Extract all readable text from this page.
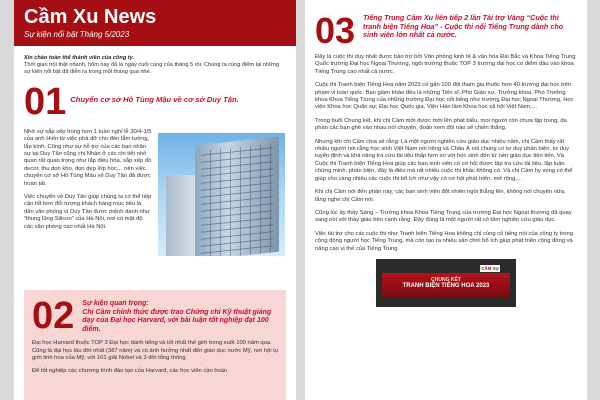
Cầm Xu News
Sự kiện nổi bật Tháng 5/2023
Xin chào toàn thể thành viên của công ty.
Thời gian trôi thật nhanh, hôm nay đã là ngày cuối cùng của tháng 5 rồi. Chúng ta cùng điểm lại những sự kiện nổi bật đã diễn ra trong một tháng qua nhé.
01 Chuyển cơ sở Hồ Tùng Mậu về cơ sở Duy Tân.

Nhờ sự sắp xếp trong hơn 1 tuần nghỉ lễ 30/4-1/5 của anh Hiến từ việc phá dỡ cho đến lắm tường, lắp kính. Cũng như sự hỗ trợ của các bạn nhân sự tại Duy Tân cũng chị Nhàn ở các chi tiết nhỏ quan rất quan trọng như lắp điều hòa, sắp xếp đồ decor, thu dọn kho, dọn dẹp lớp học… nên việc chuyển cơ sở Hồ Tùng Mậu về Duy Tân đã được hoàn tất.

Việc chuyển về Duy Tân giúp chúng ta có thể tiếp cận tốt hơn đối tượng khách hàng mục tiêu là dân văn phòng vì Duy Tân được mệnh danh như “thung lũng Silicon” của Hà Nội, nơi có mật độ các văn phòng cao nhất Hà Nội.

02 Sự kiện quan trọng:
Chị Cầm chính thức được trao Chứng chỉ Kỹ thuật giảng dạy của Đại học Harvard, với bài luận tốt nghiệp đạt 100 điểm.

Đại học Harvard thuộc TOP 3 Đại học danh tiếng và tốt nhất thế giới trong suốt 100 năm qua. Cũng là đại học lâu đời nhất (387 năm) và có ảnh hưởng nhất đến giáo dục nước Mỹ, nơi hội tụ giới tinh hoa của Mỹ, với 161 giải Nobel và 3 đời tổng thống.

Để tốt nghiệp các chương trình đào tạo của Harvard, các học viên cần hoàn

03 Tiếng Trung Cầm Xu liên tiếp 2 lần Tài trợ Vàng “Cuộc thi tranh biện Tiếng Hoa” - Cuộc thi nổi Tiếng Trung dành cho sinh viên lớn nhất cả nước.

Đây là cuộc thi duy nhất được bảo trợ bởi Văn phòng kinh tế & văn hóa Đài Bắc và Khoa Tiếng Trung Quốc trường Đại học Ngoại Thương, ngôi trường thuộc TOP 3 trường đại học có điểm đầu vào khoa Tiếng Trung cao nhất cả nước.

Cuộc thi Tranh biện Tiếng Hoa năm 2023 có gần 100 đội tham gia thuộc hơn 40 trường đại học trên phạm vi toàn quốc. Ban giám khảo đều là những Tiến sĩ, Phó Giáo sư, Trưởng khoa, Phó Trưởng khoa Khoa Tiếng Trung của những trường Đại học nổi tiếng như trường Đại học Ngoại Thương, Học viện Khoa học Quân sự; Đại học Quốc gia, Viện Hán lâm Khoa học xã hội Việt Nam,…

Trong buổi Chung kết, khi chị Cầm mới được mời lên phát biểu, mọi người còn chưa tập trung, đa phần các bạn ghé vào nhau nói chuyện, đoán xem đội nào sẽ chiến thắng.

Nhưng khi chị Cầm chia sẻ rằng: Là một người nghiên cứu giáo dục nhiều năm, chị Cầm thấy rất nhiều người nói rằng học sinh Việt Nam nói riêng và Châu Á nói chung có tư duy phản biện, tư duy tuyển định và khả năng tra cứu tài liệu thấp hơn so với học sinh đến từ nền giáo dục tiên tiến. Và Cuộc thi Tranh biện Tiếng Hoa giúp các bạn sinh viên có cơ hội được tập tra cứu tài liệu, lập luận chứng minh, phản biện, đây là điều mà rất nhiều cuộc thi khác không có. Và chị Cầm hy vọng có thể giúp cho càng nhiều các cuộc thi bổ ích như vậy có cơ hội phát triển, mở rộng,…

Khi chị Cầm nói đến phần này, các bạn sinh viên đột nhiên ngồi thẳng lên, không nói chuyện nữa, lắng nghe chị Cầm nói.

Cũng lúc ấy thầy Sáng – Trưởng khoa Khoa Tiếng Trung của trường Đại học Ngoại thương đã quay sang nói với thầy giáo bên cạnh rằng: Đây đúng là một người rất có tâm nghiên cứu giáo dục.

Việc tài trợ cho các cuộc thi như Tranh biện Tiếng Hoa không chỉ củng cố tiếng nói của công ty trong cộng đồng người học Tiếng Trung, mà còn tạo ra nhiều sản chơi bổ ích giúp phát triển cộng đồng và nâng cao vị thế của Tiếng Trung.

CẦM XU
CHUNG KẾT
TRANH BIỆN TIẾNG HOA 2023
